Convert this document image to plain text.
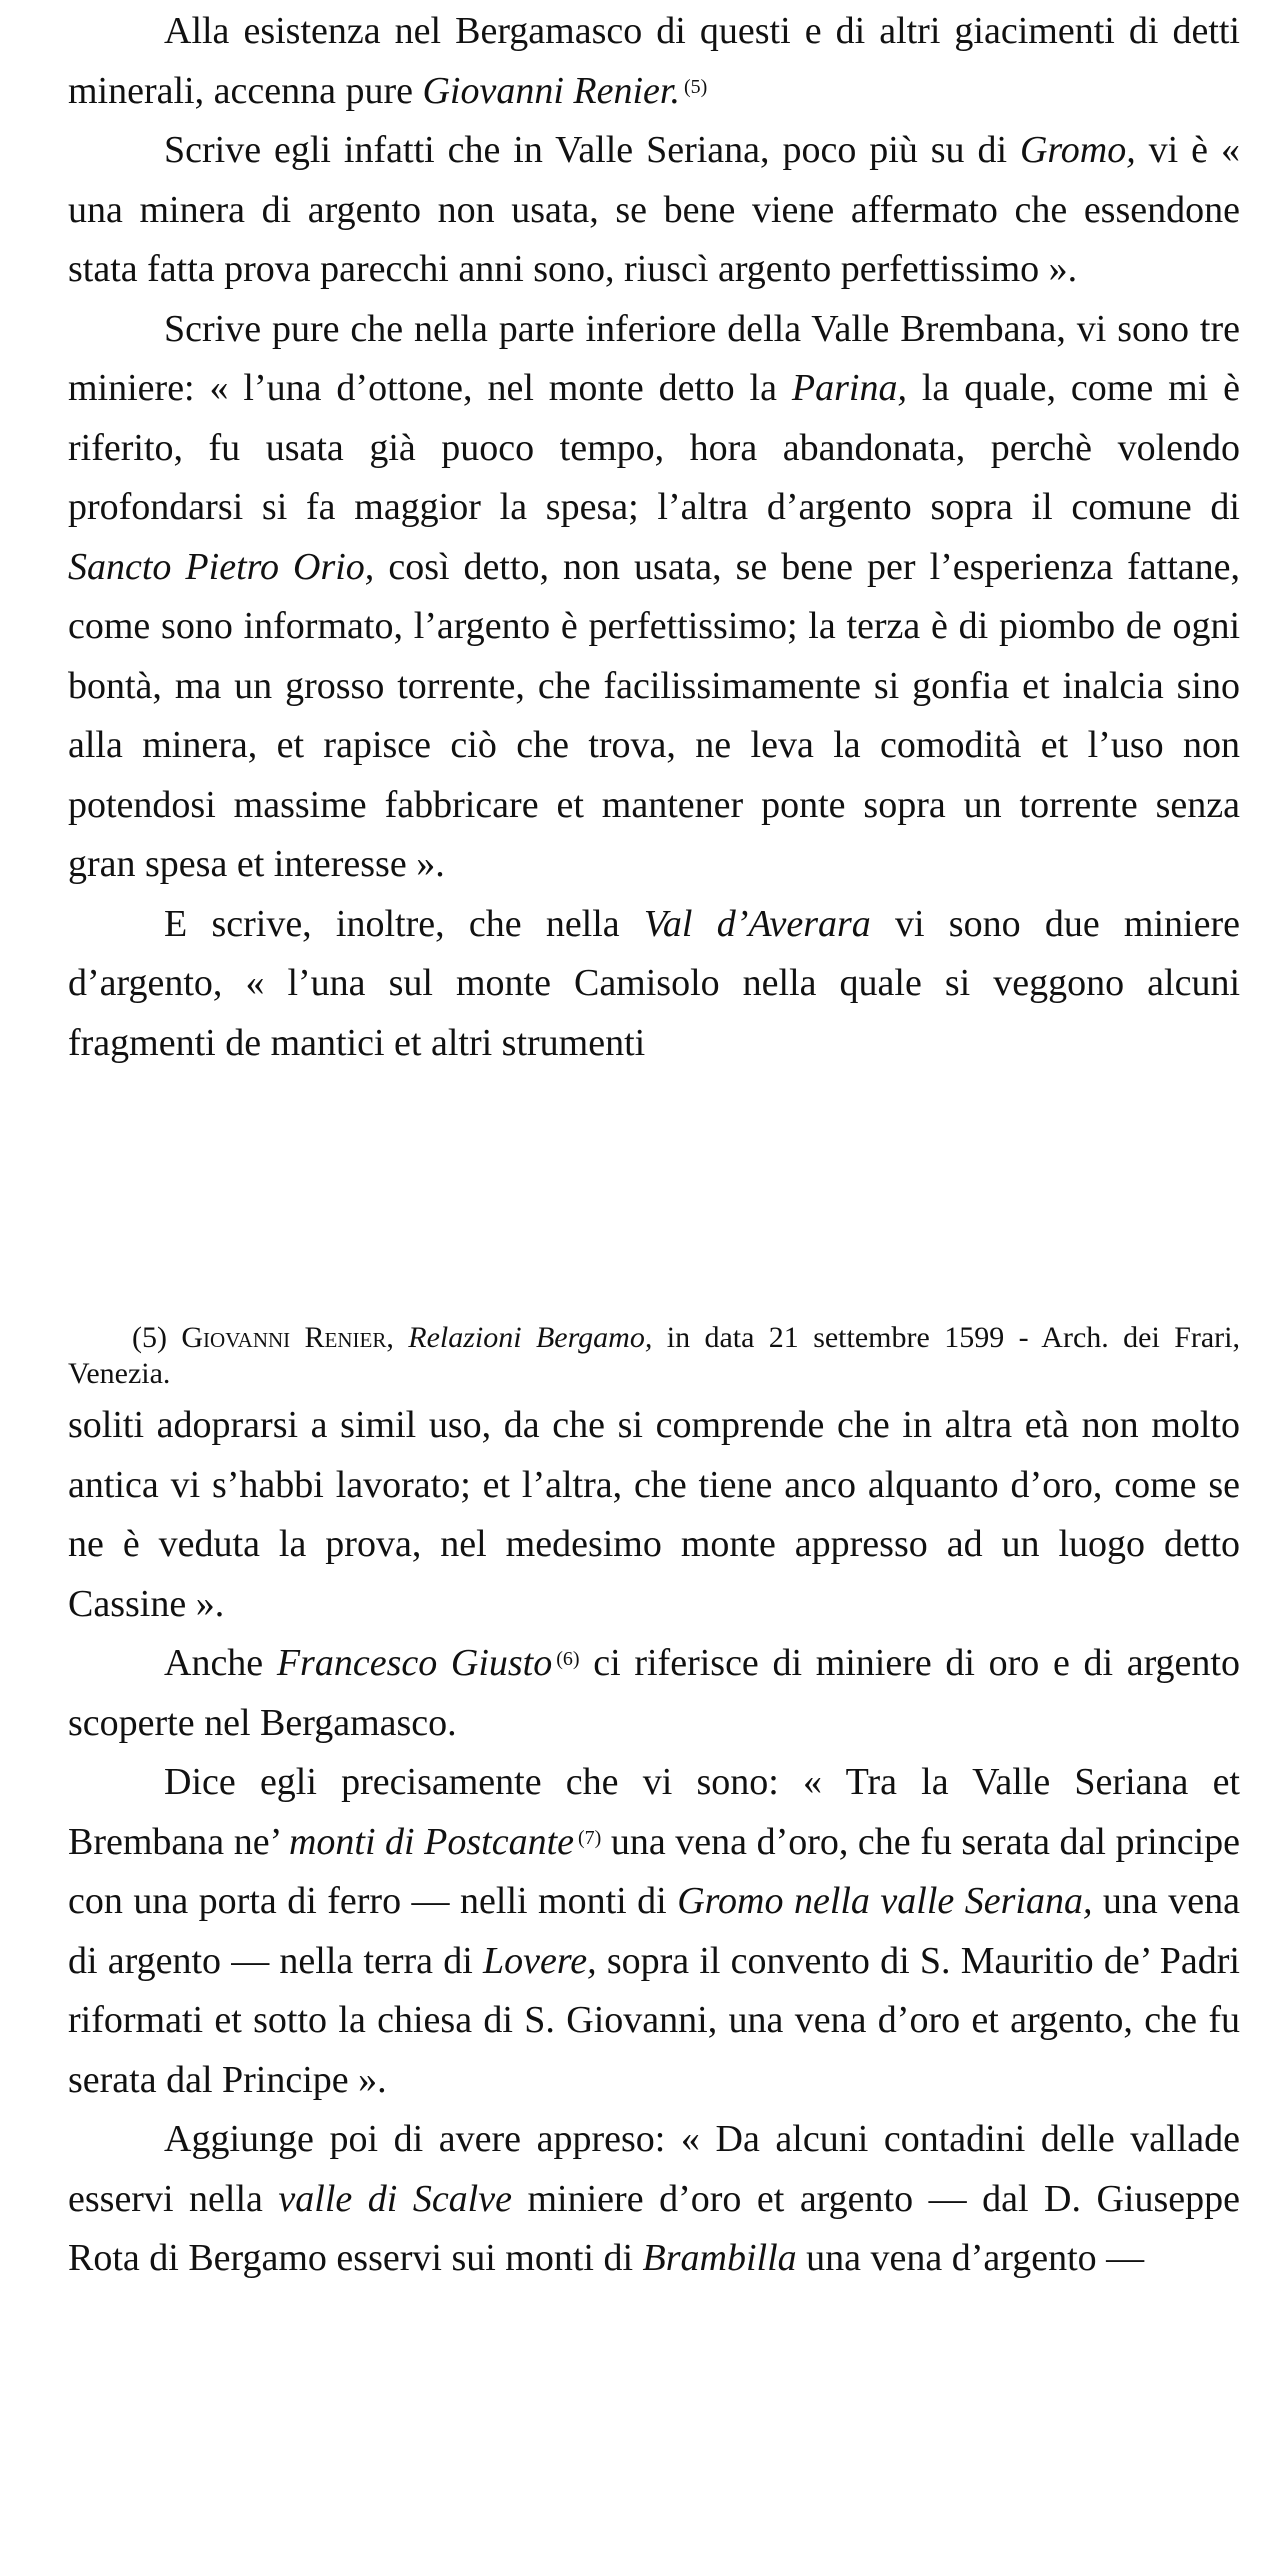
Alla esistenza nel Bergamasco di questi e di altri giacimenti di detti minerali, accenna pure Giovanni Renier. $^{(5)}$

Scrive egli infatti che in Valle Seriana, poco più su di Gromo, vi è « una minera di argento non usata, se bene viene affermato che essendone stata fatta prova parecchi anni sono, riuscì argento perfettissimo ».

Scrive pure che nella parte inferiore della Valle Brembana, vi sono tre miniere: « l’una d’ottone, nel monte detto la Parina, la quale, come mi è riferito, fu usata già puoco tempo, hora abandonata, perchè volendo profondarsi si fa maggior la spesa; l’altra d’argento sopra il comune di Sancto Pietro Orio, così detto, non usata, se bene per l’esperienza fattane, come sono informato, l’argento è perfettissimo; la terza è di piombo de ogni bontà, ma un grosso torrente, che facilissimamente si gonfia et inalcia sino alla minera, et rapisce ciò che trova, ne leva la comodità et l’uso non potendosi massime fabbricare et mantener ponte sopra un torrente senza gran spesa et interesse ».

E scrive, inoltre, che nella Val d’Averara vi sono due miniere d’argento, « l’una sul monte Camisolo nella quale si veggono alcuni fragmenti de mantici et altri strumenti

(5) Giovanni Renier, Relazioni Bergamo, in data 21 settembre 1599 - Arch. dei Frari, Venezia.

soliti adoprarsi a simil uso, da che si comprende che in altra età non molto antica vi s’habbi lavorato; et l’altra, che tiene anco alquanto d’oro, come se ne è veduta la prova, nel medesimo monte appresso ad un luogo detto Cassine ».

Anche Francesco Giusto $^{(6)}$ ci riferisce di miniere di oro e di argento scoperte nel Bergamasco.

Dice egli precisamente che vi sono: « Tra la Valle Seriana et Brembana ne’ monti di Postcante $^{(7)}$ una vena d’oro, che fu serata dal principe con una porta di ferro — nelli monti di Gromo nella valle Seriana, una vena di argento — nella terra di Lovere, sopra il convento di S. Mauritio de’ Padri riformati et sotto la chiesa di S. Giovanni, una vena d’oro et argento, che fu serata dal Principe ».

Aggiunge poi di avere appreso: « Da alcuni contadini delle vallade esservi nella valle di Scalve miniere d’oro et argento — dal D. Giuseppe Rota di Bergamo esservi sui monti di Brambilla una vena d’argento —
